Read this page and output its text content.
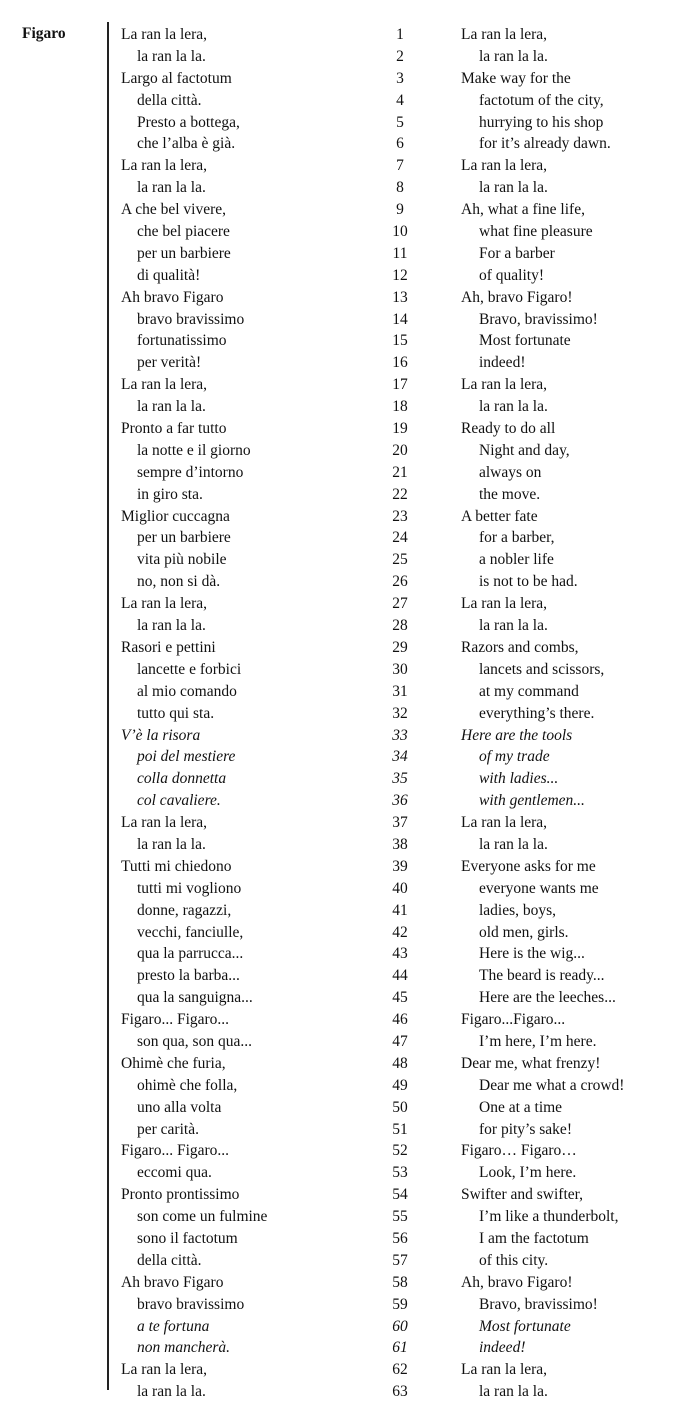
Figaro	La ran la lera,	1	La ran la lera,
la ran la la.	2	la ran la la.
Largo al factotum	3	Make way for the
della città.	4	factotum of the city,
Presto a bottega,	5	hurrying to his shop
che l’alba è già.	6	for it’s already dawn.
La ran la lera,	7	La ran la lera,
la ran la la.	8	la ran la la.
A che bel vivere,	9	Ah, what a fine life,
che bel piacere	10	what fine pleasure
per un barbiere	11	For a barber
di qualità!	12	of quality!
Ah bravo Figaro	13	Ah, bravo Figaro!
bravo bravissimo	14	Bravo, bravissimo!
fortunatissimo	15	Most fortunate
per verità!	16	indeed!
La ran la lera,	17	La ran la lera,
la ran la la.	18	la ran la la.
Pronto a far tutto	19	Ready to do all
la notte e il giorno	20	Night and day,
sempre d’intorno	21	always on
in giro sta.	22	the move.
Miglior cuccagna	23	A better fate
per un barbiere	24	for a barber,
vita più nobile	25	a nobler life
no, non si dà.	26	is not to be had.
La ran la lera,	27	La ran la lera,
la ran la la.	28	la ran la la.
Rasori e pettini	29	Razors and combs,
lancette e forbici	30	lancets and scissors,
al mio comando	31	at my command
tutto qui sta.	32	everything’s there.
V’è la risora	33	Here are the tools
poi del mestiere	34	of my trade
colla donnetta	35	with ladies...
col cavaliere.	36	with gentlemen...
La ran la lera,	37	La ran la lera,
la ran la la.	38	la ran la la.
Tutti mi chiedono	39	Everyone asks for me
tutti mi vogliono	40	everyone wants me
donne, ragazzi,	41	ladies, boys,
vecchi, fanciulle,	42	old men, girls.
qua la parrucca...	43	Here is the wig...
presto la barba...	44	The beard is ready...
qua la sanguigna...	45	Here are the leeches...
Figaro... Figaro...	46	Figaro...Figaro...
son qua, son qua...	47	I’m here, I’m here.
Ohimè che furia,	48	Dear me, what frenzy!
ohimè che folla,	49	Dear me what a crowd!
uno alla volta	50	One at a time
per carità.	51	for pity’s sake!
Figaro... Figaro...	52	Figaro… Figaro…
eccomi qua.	53	Look, I’m here.
Pronto prontissimo	54	Swifter and swifter,
son come un fulmine	55	I’m like a thunderbolt,
sono il factotum	56	I am the factotum
della città.	57	of this city.
Ah bravo Figaro	58	Ah, bravo Figaro!
bravo bravissimo	59	Bravo, bravissimo!
a te fortuna	60	Most fortunate
non mancherà.	61	indeed!
La ran la lera,	62	La ran la lera,
la ran la la.	63	la ran la la.
